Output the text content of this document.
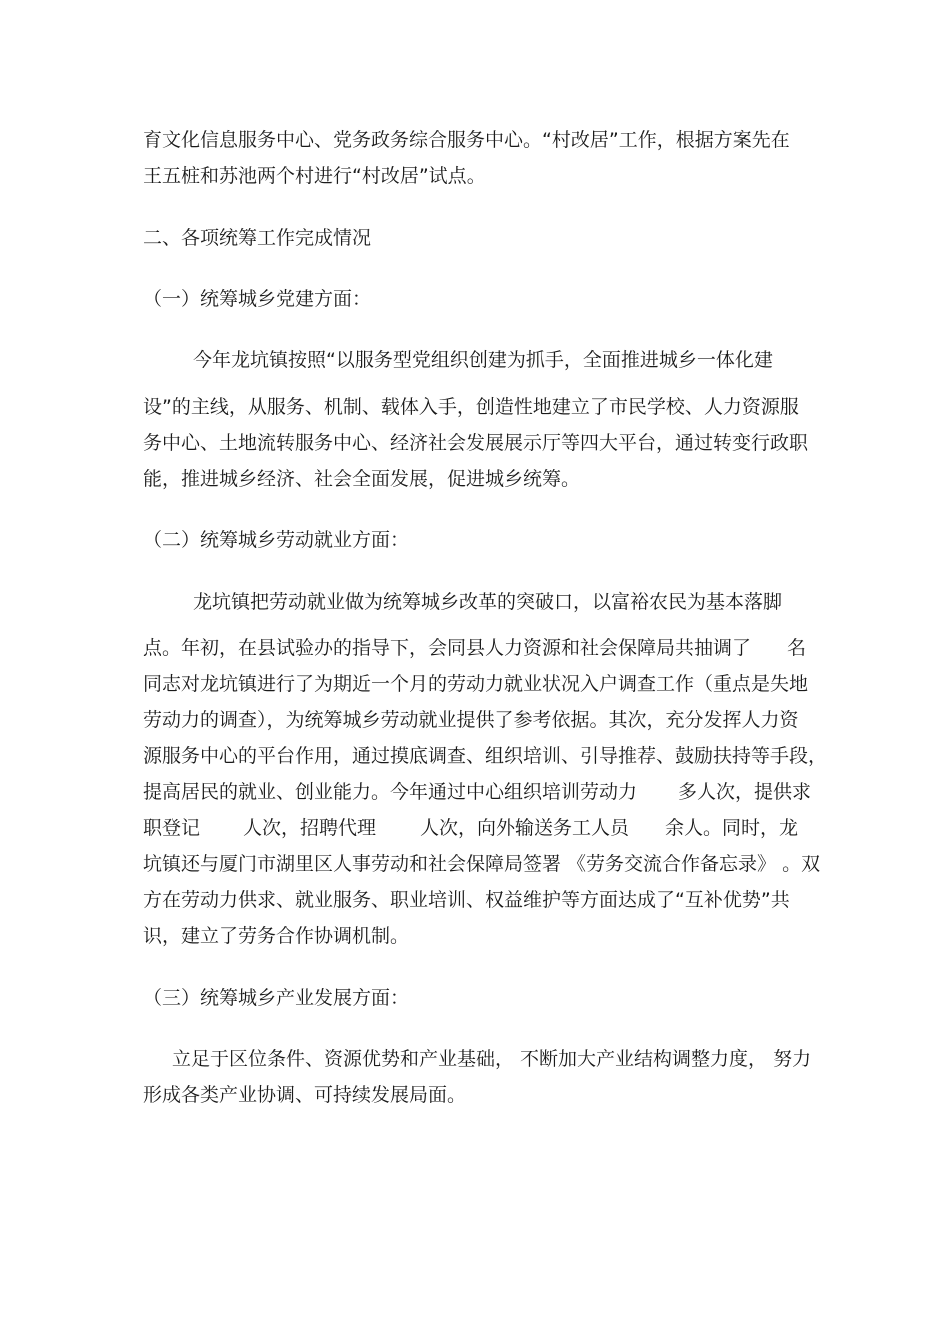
育文化信息服务中心、党务政务综合服务中心。“村改居”工作，根据方案先在

王五桩和苏池两个村进行“村改居”试点。

二、各项统筹工作完成情况

（一）统筹城乡党建方面：

今年龙坑镇按照“以服务型党组织创建为抓手，全面推进城乡一体化建

设”的主线，从服务、机制、载体入手，创造性地建立了市民学校、人力资源服

务中心、土地流转服务中心、经济社会发展展示厅等四大平台，通过转变行政职

能，推进城乡经济、社会全面发展，促进城乡统筹。

（二）统筹城乡劳动就业方面：

龙坑镇把劳动就业做为统筹城乡改革的突破口，以富裕农民为基本落脚

点。年初，在县试验办的指导下，会同县人力资源和社会保障局共抽调了

名

同志对龙坑镇进行了为期近一个月的劳动力就业状况入户调查工作（重点是失地

劳动力的调查），为统筹城乡劳动就业提供了参考依据。其次，充分发挥人力资

源服务中心的平台作用，通过摸底调查、组织培训、引导推荐、鼓励扶持等手段，

提高居民的就业、创业能力。今年通过中心组织培训劳动力

多人次，提供求

职登记

人次，招聘代理

人次，向外输送务工人员

余人。同时，龙

坑镇还与厦门市湖里区人事劳动和社会保障局签署 《劳务交流合作备忘录》 。双

方在劳动力供求、就业服务、职业培训、权益维护等方面达成了“互补优势”共

识，建立了劳务合作协调机制。

（三）统筹城乡产业发展方面：

立足于区位条件、资源优势和产业基础， 不断加大产业结构调整力度， 努力

形成各类产业协调、可持续发展局面。
